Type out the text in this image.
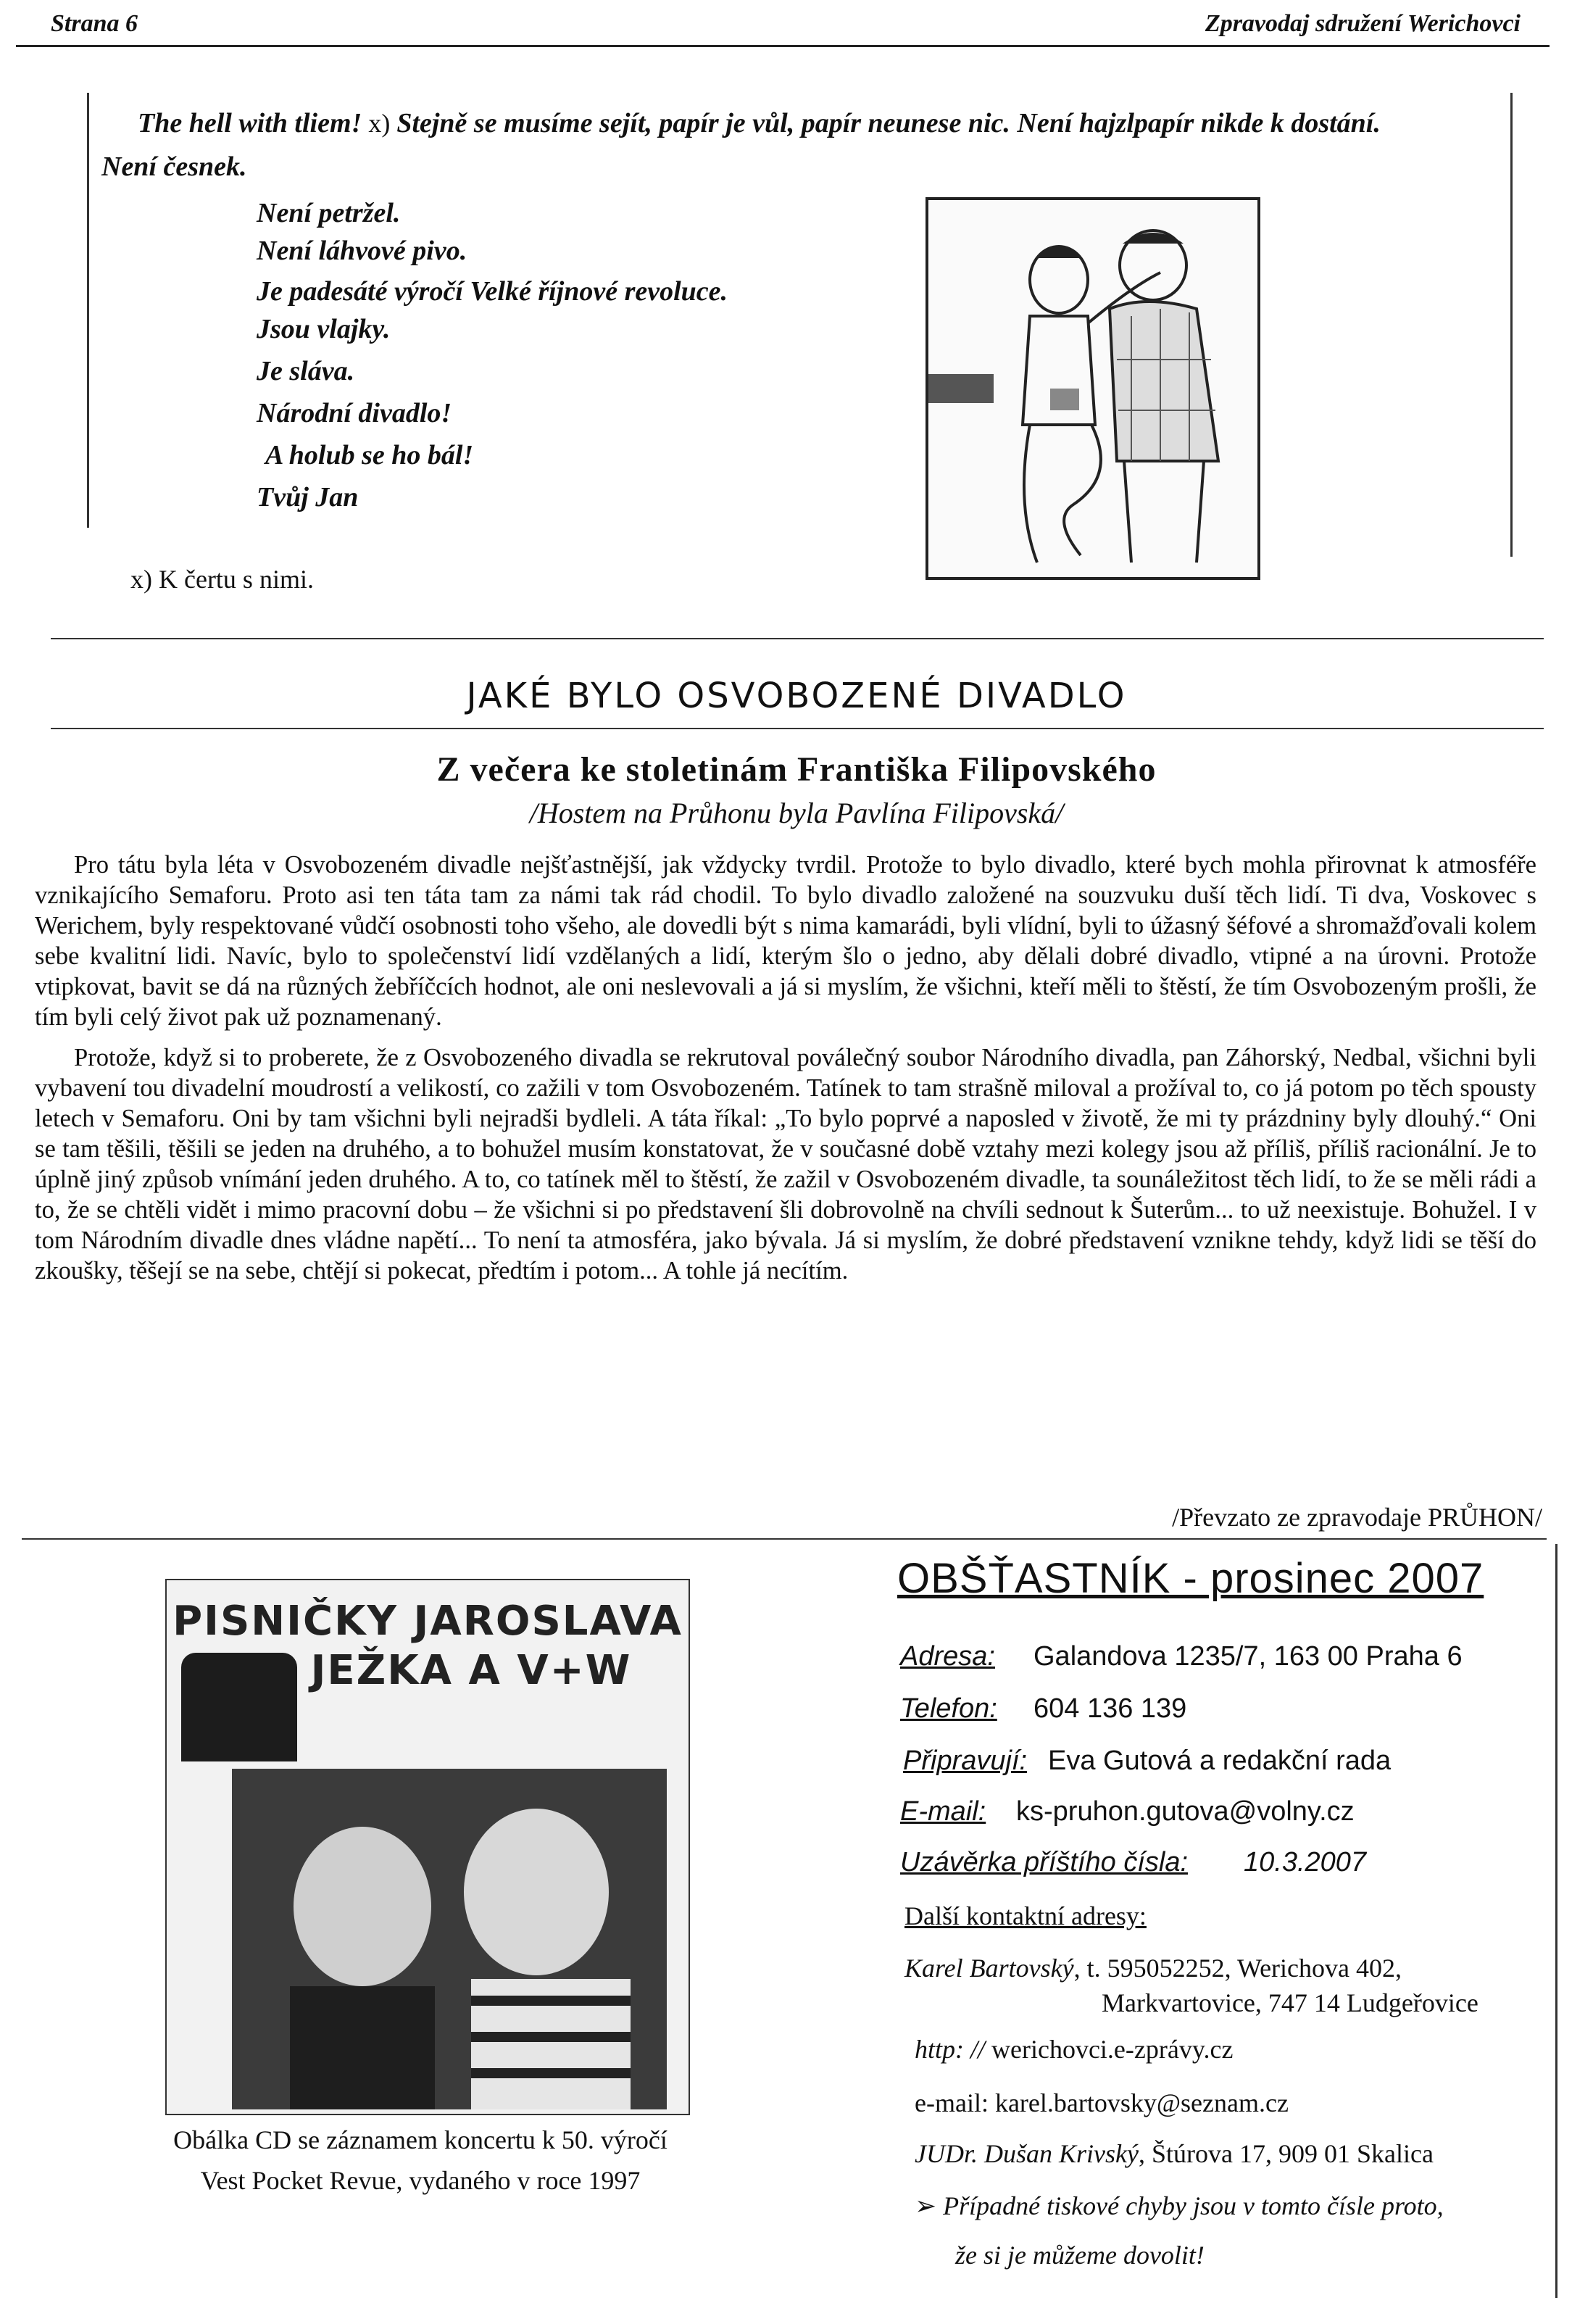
Strana 6	Zpravodaj sdružení Werichovci
The hell with tliem! x) Stejně se musíme sejít, papír je vůl, papír neunese nic. Není hajzlpapír nikde k dostání.
Není česnek.
Není petržel.
Není láhvové pivo.
Je padesáté výročí Velké říjnové revoluce.
Jsou vlajky.
Je sláva.
Národní divadlo!
A holub se ho bál!
Tvůj Jan
x) K čertu s nimi.
JAKÉ BYLO OSVOBOZENÉ DIVADLO
Z večera ke stoletinám Františka Filipovského
/Hostem na Průhonu byla Pavlína Filipovská/

Pro tátu byla léta v Osvobozeném divadle nejšťastnější, jak vždycky tvrdil. Protože to bylo divadlo, které bych mohla přirovnat k atmosféře vznikajícího Semaforu. Proto asi ten táta tam za námi tak rád chodil. To bylo divadlo založené na souzvuku duší těch lidí. Ti dva, Voskovec s Werichem, byly respektované vůdčí osobnosti toho všeho, ale dovedli být s nima kamarádi, byli vlídní, byli to úžasný šéfové a shromažďovali kolem sebe kvalitní lidi. Navíc, bylo to společenství lidí vzdělaných a lidí, kterým šlo o jedno, aby dělali dobré divadlo, vtipné a na úrovni. Protože vtipkovat, bavit se dá na různých žebříčcích hodnot, ale oni neslevovali a já si myslím, že všichni, kteří měli to štěstí, že tím Osvobozeným prošli, že tím byli celý život pak už poznamenaný.

Protože, když si to proberete, že z Osvobozeného divadla se rekrutoval poválečný soubor Národního divadla, pan Záhorský, Nedbal, všichni byli vybavení tou divadelní moudrostí a velikostí, co zažili v tom Osvobozeném. Tatínek to tam strašně miloval a prožíval to, co já potom po těch spousty letech v Semaforu. Oni by tam všichni byli nejradši bydleli. A táta říkal: „To bylo poprvé a naposled v životě, že mi ty prázdniny byly dlouhý.“ Oni se tam těšili, těšili se jeden na druhého, a to bohužel musím konstatovat, že v současné době vztahy mezi kolegy jsou až příliš, příliš racionální. Je to úplně jiný způsob vnímání jeden druhého. A to, co tatínek měl to štěstí, že zažil v Osvobozeném divadle, ta sounáležitost těch lidí, to že se měli rádi a to, že se chtěli vidět i mimo pracovní dobu – že všichni si po představení šli dobrovolně na chvíli sednout k Šuterům... to už neexistuje. Bohužel. I v tom Národním divadle dnes vládne napětí... To není ta atmosféra, jako bývala. Já si myslím, že dobré představení vznikne tehdy, když lidi se těší do zkoušky, těšejí se na sebe, chtějí si pokecat, předtím i potom... A tohle já necítím.

/Převzato ze zpravodaje PRŮHON/
PISNIČKY JAROSLAVA
JEŽKA A V+W
Obálka CD se záznamem koncertu k 50. výročí
Vest Pocket Revue, vydaného v roce 1997
OBŠŤASTNÍK - prosinec 2007
Adresa: Galandova 1235/7, 163 00 Praha 6
Telefon: 604 136 139
Připravují: Eva Gutová a redakční rada
E-mail: ks-pruhon.gutova@volny.cz
Uzávěrka příštího čísla: 10.3.2007
Další kontaktní adresy:
Karel Bartovský, t. 595052252, Werichova 402,
Markvartovice, 747 14 Ludgeřovice
http: // werichovci.e-zprávy.cz
e-mail: karel.bartovsky@seznam.cz
JUDr. Dušan Krivský, Štúrova 17, 909 01 Skalica
➢ Případné tiskové chyby jsou v tomto čísle proto,
že si je můžeme dovolit!
